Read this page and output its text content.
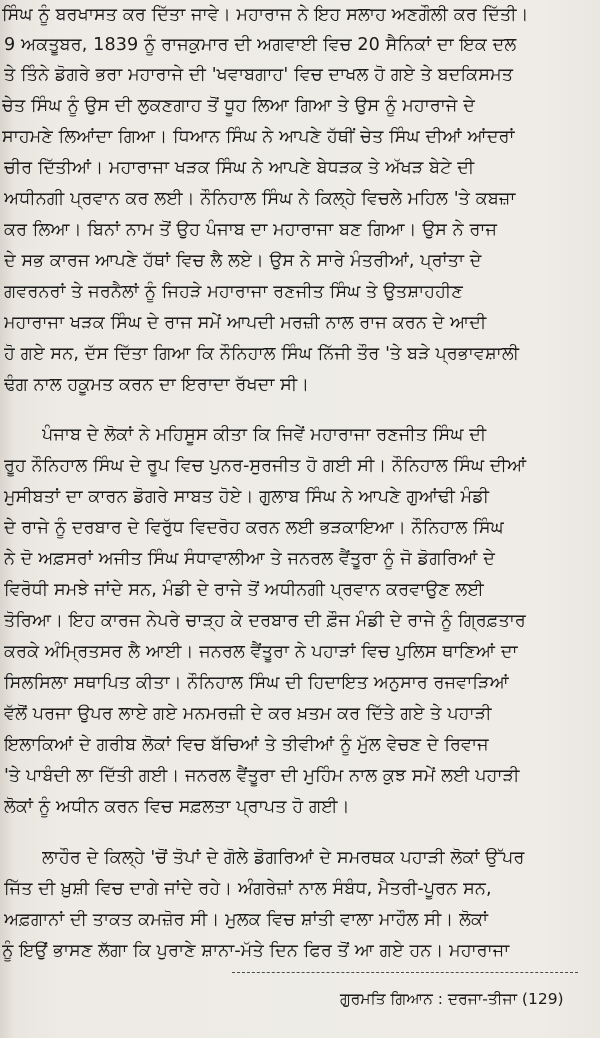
ਸਿੰਘ ਨੂੰ ਬਰਖਾਸਤ ਕਰ ਦਿੱਤਾ ਜਾਵੇ। ਮਹਾਰਾਜ ਨੇ ਇਹ ਸਲਾਹ ਅਣਗੌਲੀ ਕਰ ਦਿੱਤੀ।
9 ਅਕਤੂਬਰ, 1839 ਨੂੰ ਰਾਜਕੁਮਾਰ ਦੀ ਅਗਵਾਈ ਵਿਚ 20 ਸੈਨਿਕਾਂ ਦਾ ਇਕ ਦਲ
ਤੇ ਤਿੰਨੇ ਡੋਗਰੇ ਭਰਾ ਮਹਾਰਾਜੇ ਦੀ 'ਖਵਾਬਗਾਹ' ਵਿਚ ਦਾਖਲ ਹੋ ਗਏ ਤੇ ਬਦਕਿਸਮਤ
ਚੇਤ ਸਿੰਘ ਨੂੰ ਉਸ ਦੀ ਲੁਕਣਗਾਹ ਤੋਂ ਧੂਹ ਲਿਆ ਗਿਆ ਤੇ ਉਸ ਨੂੰ ਮਹਾਰਾਜੇ ਦੇ
ਸਾਹਮਣੇ ਲਿਆਂਦਾ ਗਿਆ। ਧਿਆਨ ਸਿੰਘ ਨੇ ਆਪਣੇ ਹੱਥੀਂ ਚੇਤ ਸਿੰਘ ਦੀਆਂ ਆਂਦਰਾਂ
ਚੀਰ ਦਿੱਤੀਆਂ। ਮਹਾਰਾਜਾ ਖੜਕ ਸਿੰਘ ਨੇ ਆਪਣੇ ਬੇਧੜਕ ਤੇ ਅੱਖੜ ਬੇਟੇ ਦੀ
ਅਧੀਨਗੀ ਪ੍ਰਵਾਨ ਕਰ ਲਈ। ਨੌਨਿਹਾਲ ਸਿੰਘ ਨੇ ਕਿਲ੍ਹੇ ਵਿਚਲੇ ਮਹਿਲ 'ਤੇ ਕਬਜ਼ਾ
ਕਰ ਲਿਆ। ਬਿਨਾਂ ਨਾਮ ਤੋਂ ਉਹ ਪੰਜਾਬ ਦਾ ਮਹਾਰਾਜਾ ਬਣ ਗਿਆ। ਉਸ ਨੇ ਰਾਜ
ਦੇ ਸਭ ਕਾਰਜ ਆਪਣੇ ਹੱਥਾਂ ਵਿਚ ਲੈ ਲਏ। ਉਸ ਨੇ ਸਾਰੇ ਮੰਤਰੀਆਂ, ਪ੍ਰਾਂਤਾ ਦੇ
ਗਵਰਨਰਾਂ ਤੇ ਜਰਨੈਲਾਂ ਨੂੰ ਜਿਹੜੇ ਮਹਾਰਾਜਾ ਰਣਜੀਤ ਸਿੰਘ ਤੇ ਉਤਸ਼ਾਹਹੀਣ
ਮਹਾਰਾਜਾ ਖੜਕ ਸਿੰਘ ਦੇ ਰਾਜ ਸਮੇਂ ਆਪਦੀ ਮਰਜ਼ੀ ਨਾਲ ਰਾਜ ਕਰਨ ਦੇ ਆਦੀ
ਹੋ ਗਏ ਸਨ, ਦੱਸ ਦਿੱਤਾ ਗਿਆ ਕਿ ਨੌਨਿਹਾਲ ਸਿੰਘ ਨਿੱਜੀ ਤੌਰ 'ਤੇ ਬੜੇ ਪ੍ਰਭਾਵਸ਼ਾਲੀ
ਢੰਗ ਨਾਲ ਹਕੂਮਤ ਕਰਨ ਦਾ ਇਰਾਦਾ ਰੱਖਦਾ ਸੀ।
ਪੰਜਾਬ ਦੇ ਲੋਕਾਂ ਨੇ ਮਹਿਸੂਸ ਕੀਤਾ ਕਿ ਜਿਵੇਂ ਮਹਾਰਾਜਾ ਰਣਜੀਤ ਸਿੰਘ ਦੀ
ਰੂਹ ਨੌਨਿਹਾਲ ਸਿੰਘ ਦੇ ਰੂਪ ਵਿਚ ਪੁਨਰ-ਸੁਰਜੀਤ ਹੋ ਗਈ ਸੀ। ਨੌਨਿਹਾਲ ਸਿੰਘ ਦੀਆਂ
ਮੁਸੀਬਤਾਂ ਦਾ ਕਾਰਨ ਡੋਗਰੇ ਸਾਬਤ ਹੋਏ। ਗੁਲਾਬ ਸਿੰਘ ਨੇ ਆਪਣੇ ਗੁਆਂਢੀ ਮੰਡੀ
ਦੇ ਰਾਜੇ ਨੂੰ ਦਰਬਾਰ ਦੇ ਵਿਰੁੱਧ ਵਿਦਰੋਹ ਕਰਨ ਲਈ ਭੜਕਾਇਆ। ਨੌਨਿਹਾਲ ਸਿੰਘ
ਨੇ ਦੋ ਅਫ਼ਸਰਾਂ ਅਜੀਤ ਸਿੰਘ ਸੰਧਾਵਾਲੀਆ ਤੇ ਜਨਰਲ ਵੈਂਤੂਰਾ ਨੂੰ ਜੋ ਡੋਗਰਿਆਂ ਦੇ
ਵਿਰੋਧੀ ਸਮਝੇ ਜਾਂਦੇ ਸਨ, ਮੰਡੀ ਦੇ ਰਾਜੇ ਤੋਂ ਅਧੀਨਗੀ ਪ੍ਰਵਾਨ ਕਰਵਾਉਣ ਲਈ
ਤੋਰਿਆ। ਇਹ ਕਾਰਜ ਨੇਪਰੇ ਚਾੜ੍ਹ ਕੇ ਦਰਬਾਰ ਦੀ ਫ਼ੌਜ ਮੰਡੀ ਦੇ ਰਾਜੇ ਨੂੰ ਗ੍ਰਿਫ਼ਤਾਰ
ਕਰਕੇ ਅੰਮ੍ਰਿਤਸਰ ਲੈ ਆਈ। ਜਨਰਲ ਵੈਂਤੂਰਾ ਨੇ ਪਹਾੜਾਂ ਵਿਚ ਪੁਲਿਸ ਥਾਣਿਆਂ ਦਾ
ਸਿਲਸਿਲਾ ਸਥਾਪਿਤ ਕੀਤਾ। ਨੌਨਿਹਾਲ ਸਿੰਘ ਦੀ ਹਿਦਾਇਤ ਅਨੁਸਾਰ ਰਜਵਾੜਿਆਂ
ਵੱਲੋਂ ਪਰਜਾ ਉਪਰ ਲਾਏ ਗਏ ਮਨਮਰਜ਼ੀ ਦੇ ਕਰ ਖ਼ਤਮ ਕਰ ਦਿੱਤੇ ਗਏ ਤੇ ਪਹਾੜੀ
ਇਲਾਕਿਆਂ ਦੇ ਗਰੀਬ ਲੋਕਾਂ ਵਿਚ ਬੱਚਿਆਂ ਤੇ ਤੀਵੀਆਂ ਨੂੰ ਮੁੱਲ ਵੇਚਣ ਦੇ ਰਿਵਾਜ
'ਤੇ ਪਾਬੰਦੀ ਲਾ ਦਿੱਤੀ ਗਈ। ਜਨਰਲ ਵੈਂਤੂਰਾ ਦੀ ਮੁਹਿੰਮ ਨਾਲ ਕੁਝ ਸਮੇਂ ਲਈ ਪਹਾੜੀ
ਲੋਕਾਂ ਨੂੰ ਅਧੀਨ ਕਰਨ ਵਿਚ ਸਫ਼ਲਤਾ ਪ੍ਰਾਪਤ ਹੋ ਗਈ।
ਲਾਹੌਰ ਦੇ ਕਿਲ੍ਹੇ 'ਚੋਂ ਤੋਪਾਂ ਦੇ ਗੋਲੇ ਡੋਗਰਿਆਂ ਦੇ ਸਮਰਥਕ ਪਹਾੜੀ ਲੋਕਾਂ ਉੱਪਰ
ਜਿੱਤ ਦੀ ਖ਼ੁਸ਼ੀ ਵਿਚ ਦਾਗੇ ਜਾਂਦੇ ਰਹੇ। ਅੰਗਰੇਜ਼ਾਂ ਨਾਲ ਸੰਬੰਧ, ਮੈਤਰੀ-ਪੂਰਨ ਸਨ,
ਅਫ਼ਗਾਨਾਂ ਦੀ ਤਾਕਤ ਕਮਜ਼ੋਰ ਸੀ। ਮੁਲਕ ਵਿਚ ਸ਼ਾਂਤੀ ਵਾਲਾ ਮਾਹੌਲ ਸੀ। ਲੋਕਾਂ
ਨੂੰ ਇਉਂ ਭਾਸਣ ਲੱਗਾ ਕਿ ਪੁਰਾਣੇ ਸ਼ਾਨਾ-ਮੱਤੇ ਦਿਨ ਫਿਰ ਤੋਂ ਆ ਗਏ ਹਨ। ਮਹਾਰਾਜਾ
ਗੁਰਮਤਿ ਗਿਆਨ : ਦਰਜਾ-ਤੀਜਾ (129)
